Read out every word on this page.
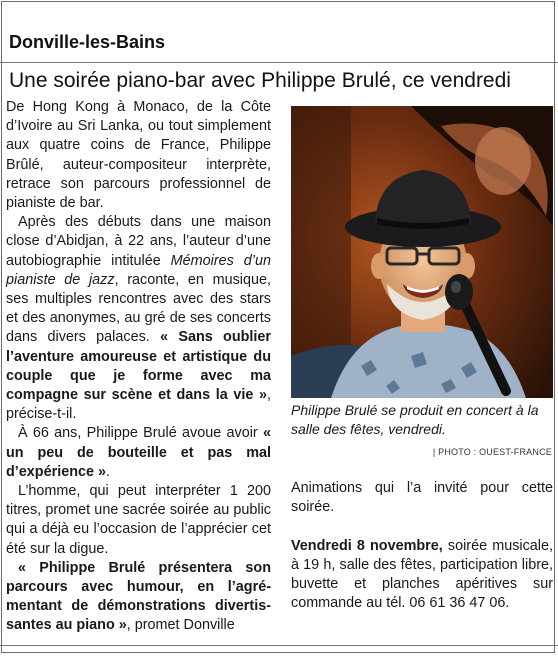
Donville-les-Bains
Une soirée piano-bar avec Philippe Brulé, ce vendredi

De Hong Kong à Monaco, de la Côte d’Ivoire au Sri Lanka, ou tout simplement aux quatre coins de France, Philippe Brûlé, auteur-compositeur interprète, retrace son parcours professionnel de pianiste de bar.

Après des débuts dans une maison close d’Abidjan, à 22 ans, l’auteur d’une autobiographie intitulée Mémoires d’un pianiste de jazz, raconte, en musique, ses multiples rencontres avec des stars et des anonymes, au gré de ses concerts dans divers palaces. « Sans oublier l’aventure amoureuse et artistique du couple que je forme avec ma compagne sur scène et dans la vie », précise-t-il.

À 66 ans, Philippe Brulé avoue avoir « un peu de bouteille et pas mal d’expérience ».

L’homme, qui peut interpréter 1 200 titres, promet une sacrée soirée au public qui a déjà eu l’occasion de l’apprécier cet été sur la digue.

« Philippe Brulé présentera son parcours avec humour, en l’agrémentant de démonstrations divertissantes au piano », promet Donville

Philippe Brulé se produit en concert à la salle des fêtes, vendredi.

| PHOTO : OUEST-FRANCE

Animations qui l’a invité pour cette soirée.

Vendredi 8 novembre, soirée musicale, à 19 h, salle des fêtes, participation libre, buvette et planches apéritives sur commande au tél. 06 61 36 47 06.
